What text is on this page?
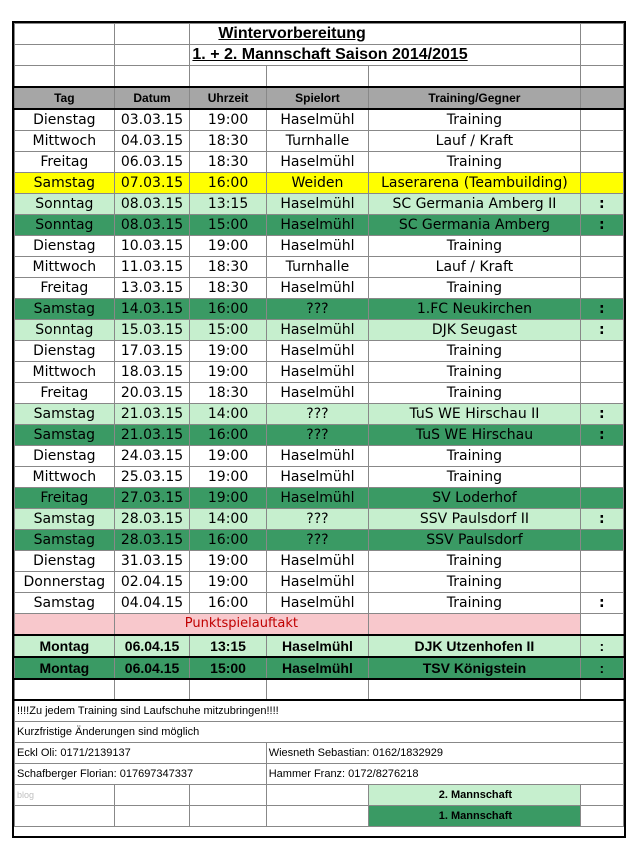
		Wintervorbereitung			
		1. + 2. Mannschaft Saison 2014/2015			

Tag	Datum	Uhrzeit	Spielort	Training/Gegner	
Dienstag	03.03.15	19:00	Haselmühl	Training	
Mittwoch	04.03.15	18:30	Turnhalle	Lauf / Kraft	
Freitag	06.03.15	18:30	Haselmühl	Training	
Samstag	07.03.15	16:00	Weiden	Laserarena (Teambuilding)	
Sonntag	08.03.15	13:15	Haselmühl	SC Germania Amberg II	:
Sonntag	08.03.15	15:00	Haselmühl	SC Germania Amberg	:
Dienstag	10.03.15	19:00	Haselmühl	Training	
Mittwoch	11.03.15	18:30	Turnhalle	Lauf / Kraft	
Freitag	13.03.15	18:30	Haselmühl	Training	
Samstag	14.03.15	16:00	???	1.FC Neukirchen	:
Sonntag	15.03.15	15:00	Haselmühl	DJK Seugast	:
Dienstag	17.03.15	19:00	Haselmühl	Training	
Mittwoch	18.03.15	19:00	Haselmühl	Training	
Freitag	20.03.15	18:30	Haselmühl	Training	
Samstag	21.03.15	14:00	???	TuS WE Hirschau II	:
Samstag	21.03.15	16:00	???	TuS WE Hirschau	:
Dienstag	24.03.15	19:00	Haselmühl	Training	
Mittwoch	25.03.15	19:00	Haselmühl	Training	
Freitag	27.03.15	19:00	Haselmühl	SV Loderhof	
Samstag	28.03.15	14:00	???	SSV Paulsdorf II	:
Samstag	28.03.15	16:00	???	SSV Paulsdorf	
Dienstag	31.03.15	19:00	Haselmühl	Training	
Donnerstag	02.04.15	19:00	Haselmühl	Training	
Samstag	04.04.15	16:00	Haselmühl	Training	:
	Punktspielauftakt				
Montag	06.04.15	13:15	Haselmühl	DJK Utzenhofen II	:
Montag	06.04.15	15:00	Haselmühl	TSV Königstein	:

!!!!Zu jedem Training sind Laufschuhe mitzubringen!!!!					
Kurzfristige Änderungen sind möglich					
Eckl Oli: 0171/2139137			Wiesneth Sebastian: 0162/1832929		
Schafberger Florian: 017697347337			Hammer Franz: 0172/8276218		
blog				2. Mannschaft	
				1. Mannschaft	
